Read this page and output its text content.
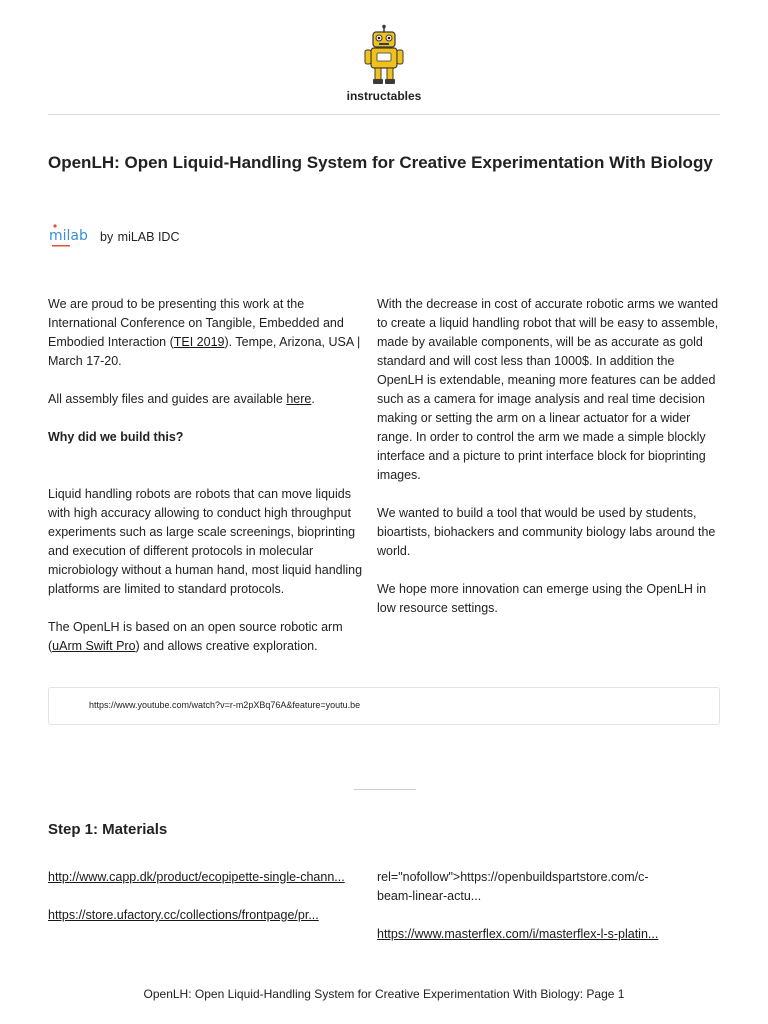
instructables
OpenLH: Open Liquid-Handling System for Creative Experimentation With Biology
milab by
miLAB IDC

We are proud to be presenting this work at the International Conference on Tangible, Embedded and Embodied Interaction (TEI 2019). Tempe, Arizona, USA | March 17-20.

All assembly files and guides are available here.

Why did we build this?

Liquid handling robots are robots that can move liquids with high accuracy allowing to conduct high throughput experiments such as large scale screenings, bioprinting and execution of different protocols in molecular microbiology without a human hand, most liquid handling platforms are limited to standard protocols.

The OpenLH is based on an open source robotic arm (uArm Swift Pro) and allows creative exploration.

With the decrease in cost of accurate robotic arms we wanted to create a liquid handling robot that will be easy to assemble, made by available components, will be as accurate as gold standard and will cost less than 1000$. In addition the OpenLH is extendable, meaning more features can be added such as a camera for image analysis and real time decision making or setting the arm on a linear actuator for a wider range. In order to control the arm we made a simple blockly interface and a picture to print interface block for bioprinting images.

We wanted to build a tool that would be used by students, bioartists, biohackers and community biology labs around the world.

We hope more innovation can emerge using the OpenLH in low resource settings.

https://www.youtube.com/watch?v=r-m2pXBq76A&feature=youtu.be
Step 1: Materials
http://www.capp.dk/product/ecopipette-single-chann...
https://store.ufactory.cc/collections/frontpage/pr...
rel="nofollow">https://openbuildspartstore.com/c-beam-linear-actu...
https://www.masterflex.com/i/masterflex-l-s-platin...
OpenLH: Open Liquid-Handling System for Creative Experimentation With Biology: Page 1
